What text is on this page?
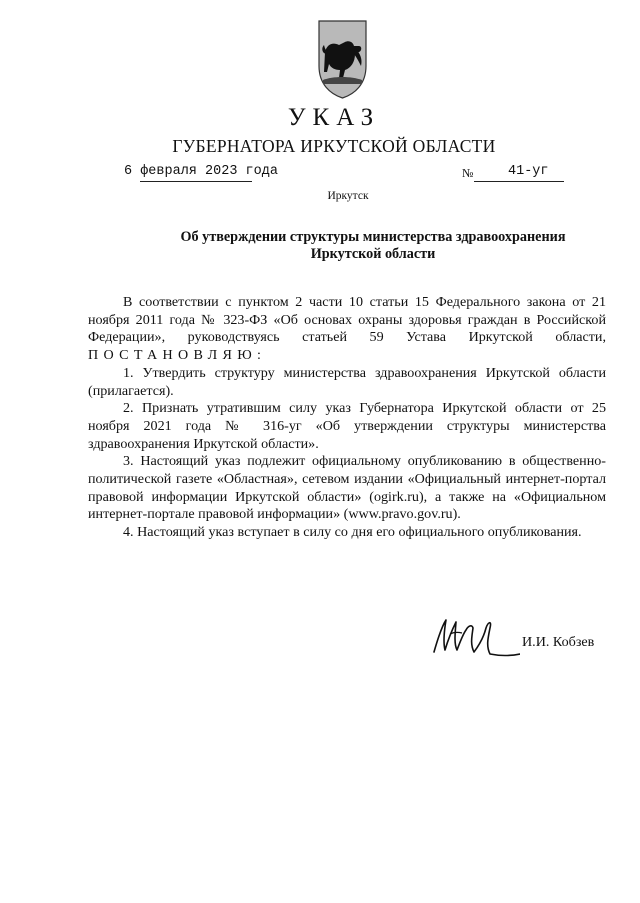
УКАЗ
ГУБЕРНАТОРА ИРКУТСКОЙ ОБЛАСТИ
6 февраля 2023 года	№	41-уг
Иркутск
Об утверждении структуры министерства здравоохранения
Иркутской области

В соответствии с пунктом 2 части 10 статьи 15 Федерального закона от 21 ноября 2011 года № 323-ФЗ «Об основах охраны здоровья граждан в Российской Федерации», руководствуясь статьей 59 Устава Иркутской области,

ПОСТАНОВЛЯЮ:

1. Утвердить структуру министерства здравоохранения Иркутской области (прилагается).

2. Признать утратившим силу указ Губернатора Иркутской области от 25 ноября 2021 года № 316-уг «Об утверждении структуры министерства здравоохранения Иркутской области».

3. Настоящий указ подлежит официальному опубликованию в общественно-политической газете «Областная», сетевом издании «Официальный интернет-портал правовой информации Иркутской области» (ogirk.ru), а также на «Официальном интернет-портале правовой информации» (www.pravo.gov.ru).

4. Настоящий указ вступает в силу со дня его официального опубликования.

И.И. Кобзев
